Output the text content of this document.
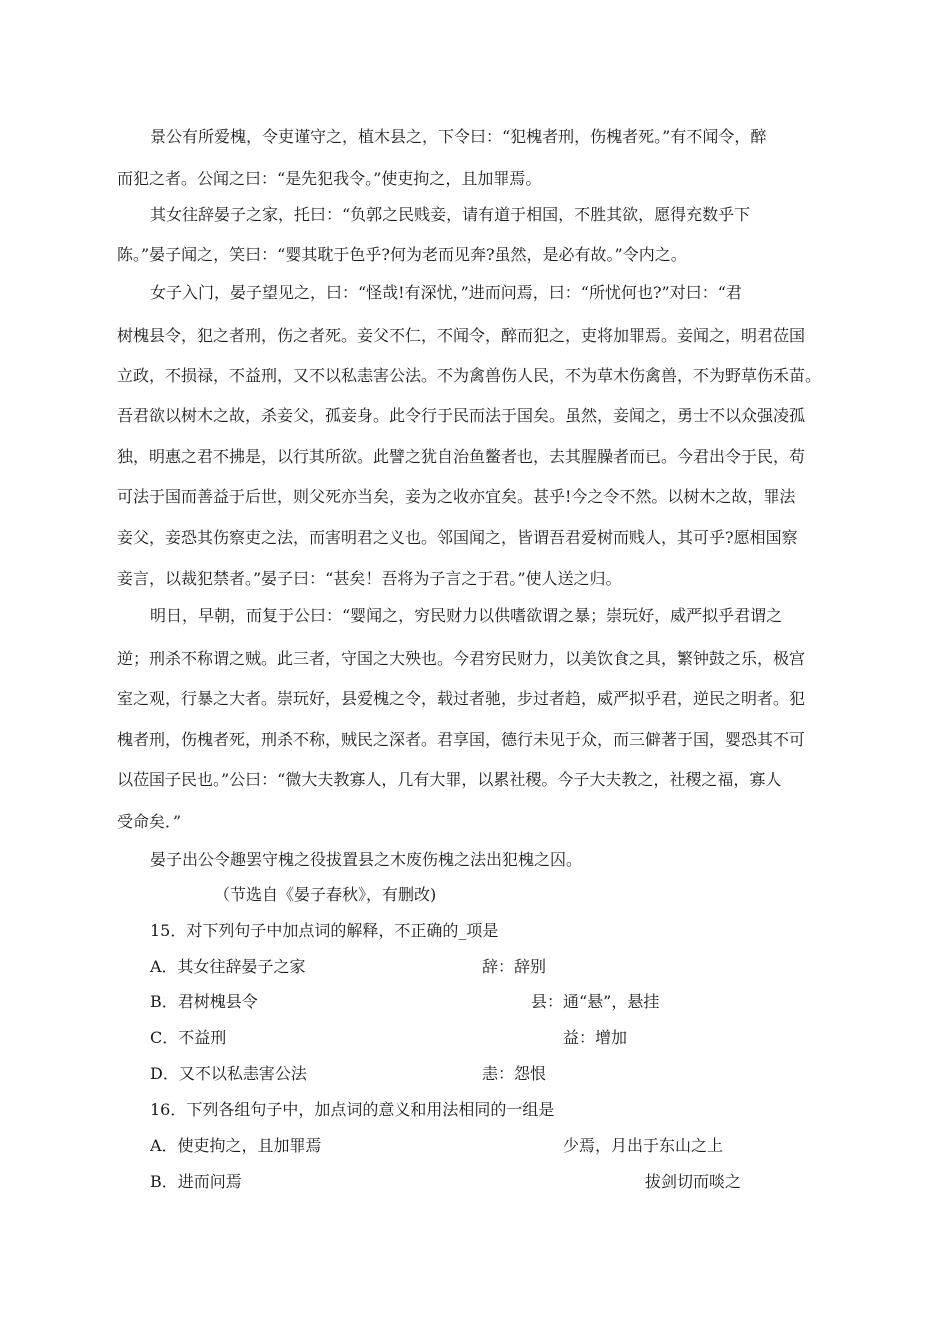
景公有所爱槐，令吏谨守之，植木县之，下令曰：“犯槐者刑，伤槐者死。”有不闻令，醉
而犯之者。公闻之曰：“是先犯我令。”使吏拘之，且加罪焉。
其女往辞晏子之家，托曰：“负郭之民贱妾，请有道于相国，不胜其欲，愿得充数乎下
陈。”晏子闻之，笑曰：“婴其耽于色乎?何为老而见奔?虽然，是必有故。”令内之。
女子入门，晏子望见之，曰：“怪哉!有深忧，”进而问焉，曰：“所忧何也?”对曰：“君
树槐县令，犯之者刑，伤之者死。妾父不仁，不闻令，醉而犯之，吏将加罪焉。妾闻之，明君莅国
立政，不损禄，不益刑，又不以私恚害公法。不为禽兽伤人民，不为草木伤禽兽，不为野草伤禾苗。
吾君欲以树木之故，杀妾父，孤妾身。此令行于民而法于国矣。虽然，妾闻之，勇士不以众强凌孤
独，明惠之君不拂是，以行其所欲。此譬之犹自治鱼鳖者也，去其腥臊者而已。今君出令于民，苟
可法于国而善益于后世，则父死亦当矣，妾为之收亦宜矣。甚乎!今之令不然。以树木之故，罪法
妾父，妾恐其伤察吏之法，而害明君之义也。邻国闻之，皆谓吾君爱树而贱人，其可乎?愿相国察
妾言，以裁犯禁者。”晏子曰：“甚矣！吾将为子言之于君。”使人送之归。
明日，早朝，而复于公曰：“婴闻之，穷民财力以供嗜欲谓之暴；崇玩好，威严拟乎君谓之
逆；刑杀不称谓之贼。此三者，守国之大殃也。今君穷民财力，以美饮食之具，繁钟鼓之乐，极宫
室之观，行暴之大者。崇玩好，县爱槐之令，载过者驰，步过者趋，威严拟乎君，逆民之明者。犯
槐者刑，伤槐者死，刑杀不称，贼民之深者。君享国，德行未见于众，而三僻著于国，婴恐其不可
以莅国子民也。”公曰：“微大夫教寡人，几有大罪，以累社稷。今子大夫教之，社稷之福，寡人
受命矣．”
晏子出公令趣罢守槐之役拔置县之木废伤槐之法出犯槐之囚。
（节选自《晏子春秋》，有删改)
15．对下列句子中加点词的解释，不正确的_项是
A．其女往辞晏子之家	辞：辞别
B．君树槐县令	县：通“悬”，悬挂
C．不益刑	益：增加
D．又不以私恚害公法	恚：怨恨
16．下列各组句子中，加点词的意义和用法相同的一组是
A．使吏拘之，且加罪焉	少焉，月出于东山之上
B．进而问焉	拔剑切而啖之
